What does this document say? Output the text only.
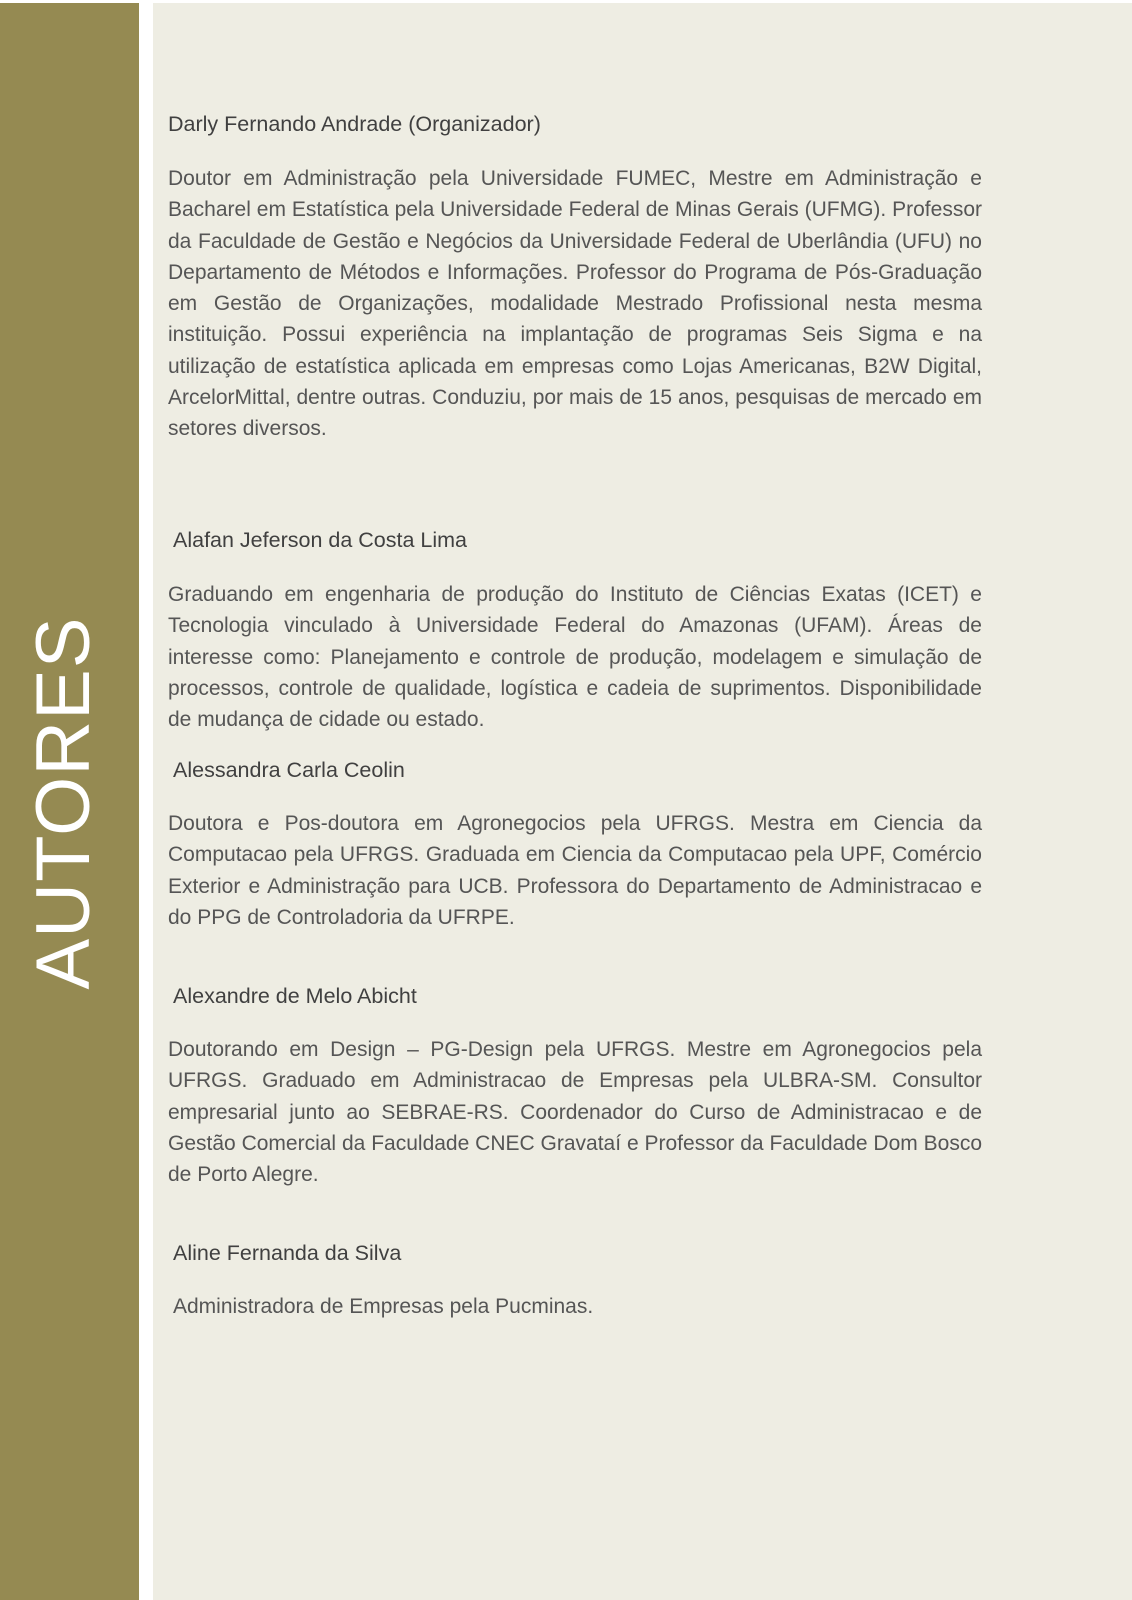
AUTORES

Darly Fernando Andrade (Organizador)

Doutor em Administração pela Universidade FUMEC, Mestre em Administração e Bacharel em Estatística pela Universidade Federal de Minas Gerais (UFMG). Professor da Faculdade de Gestão e Negócios da Universidade Federal de Uberlândia (UFU) no Departamento de Métodos e Informações. Professor do Programa de Pós-Graduação em Gestão de Organizações, modalidade Mestrado Profissional nesta mesma instituição. Possui experiência na implantação de programas Seis Sigma e na utilização de estatística aplicada em empresas como Lojas Americanas, B2W Digital, ArcelorMittal, dentre outras. Conduziu, por mais de 15 anos, pesquisas de mercado em setores diversos.

Alafan Jeferson da Costa Lima

Graduando em engenharia de produção do Instituto de Ciências Exatas (ICET) e Tecnologia vinculado à Universidade Federal do Amazonas (UFAM). Áreas de interesse como: Planejamento e controle de produção, modelagem e simulação de processos, controle de qualidade, logística e cadeia de suprimentos. Disponibilidade de mudança de cidade ou estado.

Alessandra Carla Ceolin

Doutora e Pos-doutora em Agronegocios pela UFRGS. Mestra em Ciencia da Computacao pela UFRGS. Graduada em Ciencia da Computacao pela UPF, Comércio Exterior e Administração para UCB. Professora do Departamento de Administracao e do PPG de Controladoria da UFRPE.

Alexandre de Melo Abicht

Doutorando em Design – PG-Design pela UFRGS. Mestre em Agronegocios pela UFRGS. Graduado em Administracao de Empresas pela ULBRA-SM. Consultor empresarial junto ao SEBRAE-RS. Coordenador do Curso de Administracao e de Gestão Comercial da Faculdade CNEC Gravataí e Professor da Faculdade Dom Bosco de Porto Alegre.

Aline Fernanda da Silva

Administradora de Empresas pela Pucminas.
